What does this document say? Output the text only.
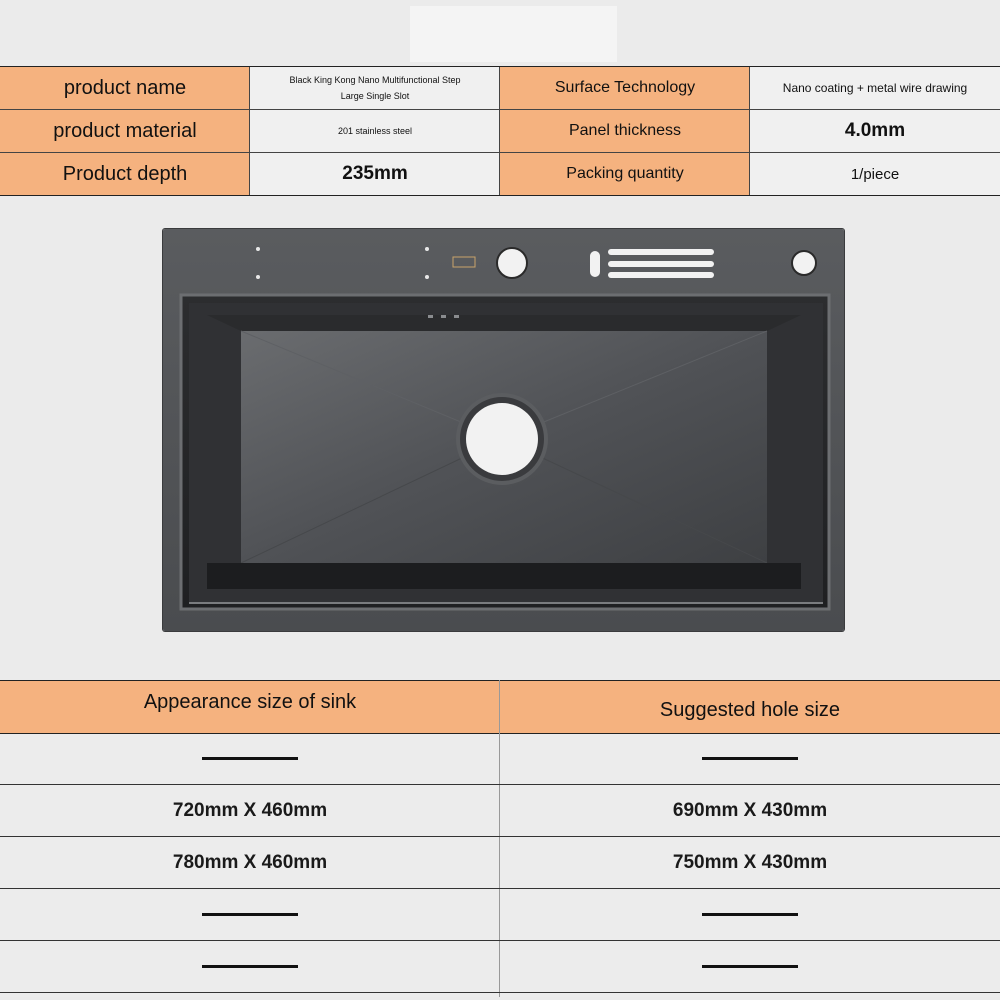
product name	Black King Kong Nano Multifunctional Step Large Single Slot	Surface Technology	Nano coating + metal wire drawing
product material	201 stainless steel	Panel thickness	4.0mm
Product depth	235mm	Packing quantity	1/piece
Appearance size of sink	Suggested hole size
720mm X 460mm	690mm X 430mm
780mm X 460mm	750mm X 430mm
